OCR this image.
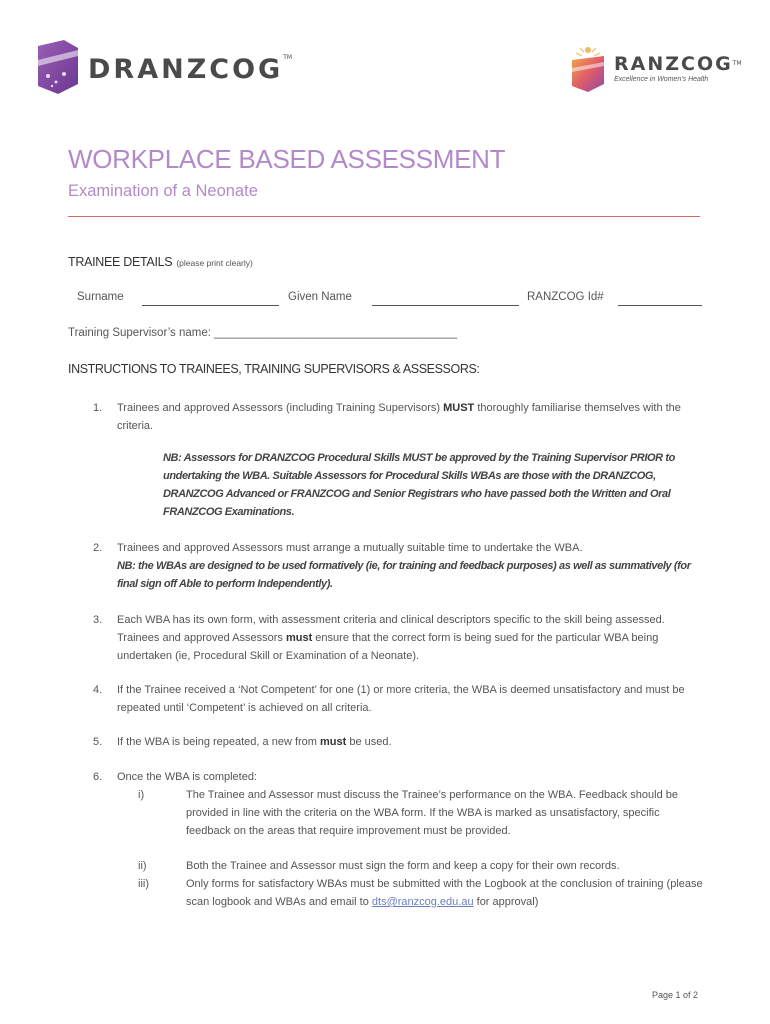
DRANZCOG™	RANZCOG™
Excellence in Women's Health
WORKPLACE BASED ASSESSMENT
Examination of a Neonate
TRAINEE DETAILS (please print clearly)
Surname	Given Name	RANZCOG Id#
Training Supervisor’s name: ______________________________________
INSTRUCTIONS TO TRAINEES, TRAINING SUPERVISORS & ASSESSORS:
1. Trainees and approved Assessors (including Training Supervisors) MUST thoroughly familiarise themselves with the criteria.
NB: Assessors for DRANZCOG Procedural Skills MUST be approved by the Training Supervisor PRIOR to undertaking the WBA. Suitable Assessors for Procedural Skills WBAs are those with the DRANZCOG, DRANZCOG Advanced or FRANZCOG and Senior Registrars who have passed both the Written and Oral FRANZCOG Examinations.
2. Trainees and approved Assessors must arrange a mutually suitable time to undertake the WBA.
NB: the WBAs are designed to be used formatively (ie, for training and feedback purposes) as well as summatively (for final sign off Able to perform Independently).
3. Each WBA has its own form, with assessment criteria and clinical descriptors specific to the skill being assessed. Trainees and approved Assessors must ensure that the correct form is being sued for the particular WBA being undertaken (ie, Procedural Skill or Examination of a Neonate).
4. If the Trainee received a ‘Not Competent’ for one (1) or more criteria, the WBA is deemed unsatisfactory and must be repeated until ‘Competent’ is achieved on all criteria.
5. If the WBA is being repeated, a new from must be used.
6. Once the WBA is completed:
i)	The Trainee and Assessor must discuss the Trainee’s performance on the WBA. Feedback should be provided in line with the criteria on the WBA form. If the WBA is marked as unsatisfactory, specific feedback on the areas that require improvement must be provided.
ii)	Both the Trainee and Assessor must sign the form and keep a copy for their own records.
iii)	Only forms for satisfactory WBAs must be submitted with the Logbook at the conclusion of training (please scan logbook and WBAs and email to dts@ranzcog.edu.au for approval)
Page 1 of 2
